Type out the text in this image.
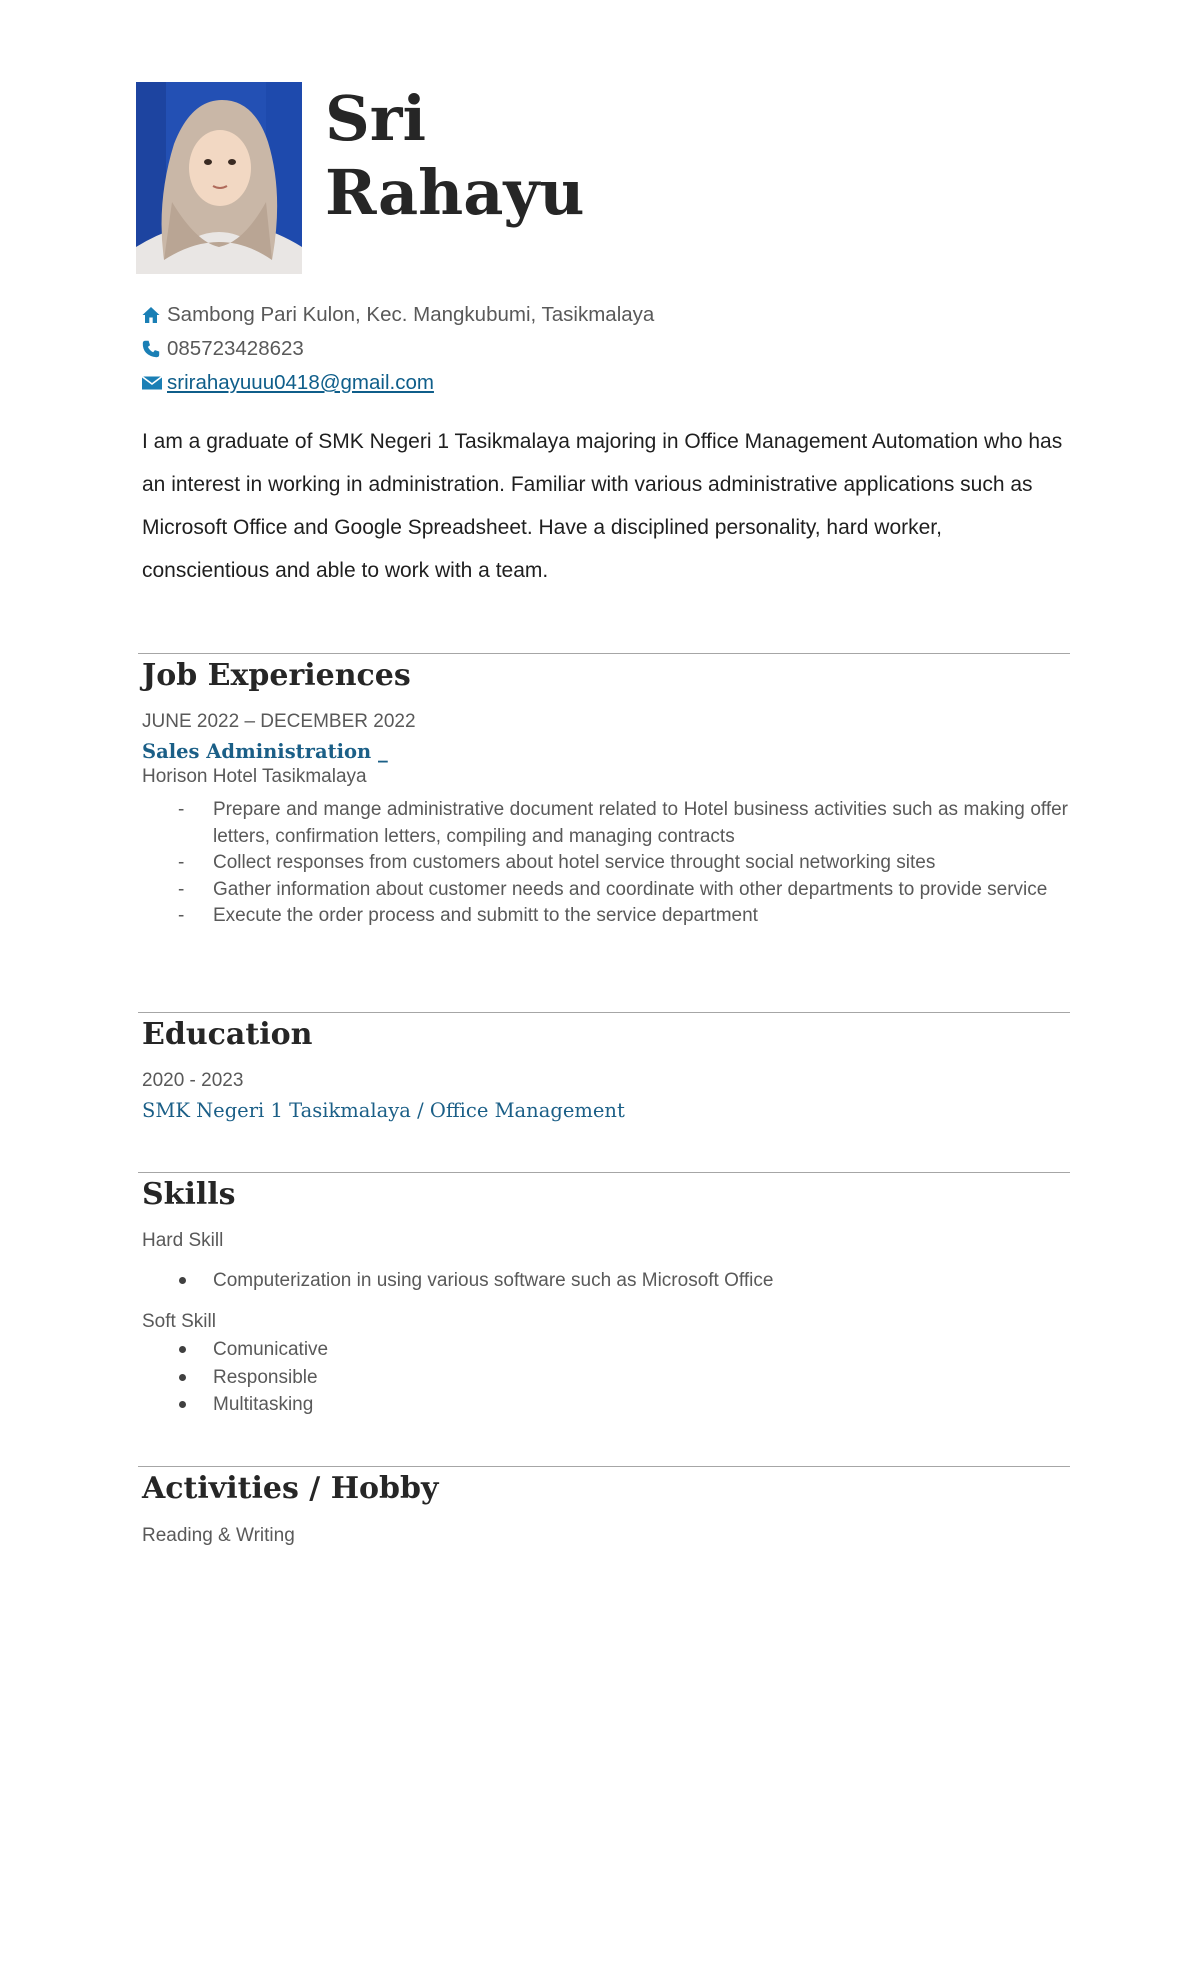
Sri
Rahayu
Sambong Pari Kulon, Kec. Mangkubumi, Tasikmalaya
085723428623
srirahayuuu0418@gmail.com

I am a graduate of SMK Negeri 1 Tasikmalaya majoring in Office Management Automation who has an interest in working in administration. Familiar with various administrative applications such as Microsoft Office and Google Spreadsheet. Have a disciplined personality, hard worker, conscientious and able to work with a team.

Job Experiences
JUNE 2022 – DECEMBER 2022
Sales Administration _
Horison Hotel Tasikmalaya
- Prepare and mange administrative document related to Hotel business activities such as making offer letters, confirmation letters, compiling and managing contracts
- Collect responses from customers about hotel service throught social networking sites
- Gather information about customer needs and coordinate with other departments to provide service
- Execute the order process and submitt to the service department
Education
2020 - 2023
SMK Negeri 1 Tasikmalaya / Office Management
Skills
Hard Skill
Computerization in using various software such as Microsoft Office
Soft Skill
Comunicative
Responsible
Multitasking
Activities / Hobby
Reading & Writing
